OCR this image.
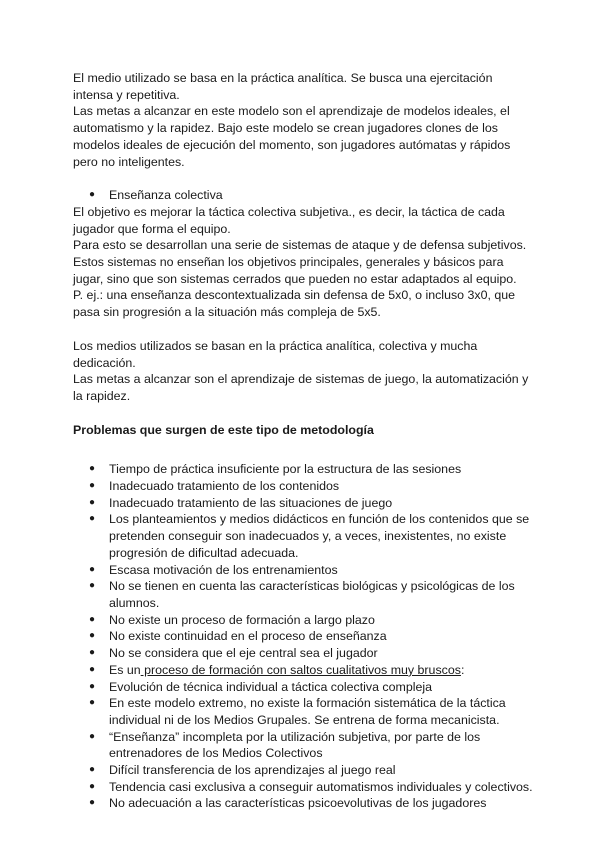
El medio utilizado se basa en la práctica analítica. Se busca una ejercitación intensa y repetitiva.

Las metas a alcanzar en este modelo son el aprendizaje de modelos ideales, el automatismo y la rapidez. Bajo este modelo se crean jugadores clones de los modelos ideales de ejecución del momento, son jugadores autómatas y rápidos pero no inteligentes.

● Enseñanza colectiva

El objetivo es mejorar la táctica colectiva subjetiva., es decir, la táctica de cada jugador que forma el equipo.

Para esto se desarrollan una serie de sistemas de ataque y de defensa subjetivos. Estos sistemas no enseñan los objetivos principales, generales y básicos para jugar, sino que son sistemas cerrados que pueden no estar adaptados al equipo.

P. ej.: una enseñanza descontextualizada sin defensa de 5x0, o incluso 3x0, que pasa sin progresión a la situación más compleja de 5x5.

Los medios utilizados se basan en la práctica analítica, colectiva y mucha dedicación.

Las metas a alcanzar son el aprendizaje de sistemas de juego, la automatización y la rapidez.

Problemas que surgen de este tipo de metodología

● Tiempo de práctica insuficiente por la estructura de las sesiones
● Inadecuado tratamiento de los contenidos
● Inadecuado tratamiento de las situaciones de juego
● Los planteamientos y medios didácticos en función de los contenidos que se pretenden conseguir son inadecuados y, a veces, inexistentes, no existe progresión de dificultad adecuada.
● Escasa motivación de los entrenamientos
● No se tienen en cuenta las características biológicas y psicológicas de los alumnos.
● No existe un proceso de formación a largo plazo
● No existe continuidad en el proceso de enseñanza
● No se considera que el eje central sea el jugador
● Es un proceso de formación con saltos cualitativos muy bruscos:
● Evolución de técnica individual a táctica colectiva compleja
● En este modelo extremo, no existe la formación sistemática de la táctica individual ni de los Medios Grupales. Se entrena de forma mecanicista.
● “Enseñanza” incompleta por la utilización subjetiva, por parte de los entrenadores de los Medios Colectivos
● Difícil transferencia de los aprendizajes al juego real
● Tendencia casi exclusiva a conseguir automatismos individuales y colectivos.
● No adecuación a las características psicoevolutivas de los jugadores
